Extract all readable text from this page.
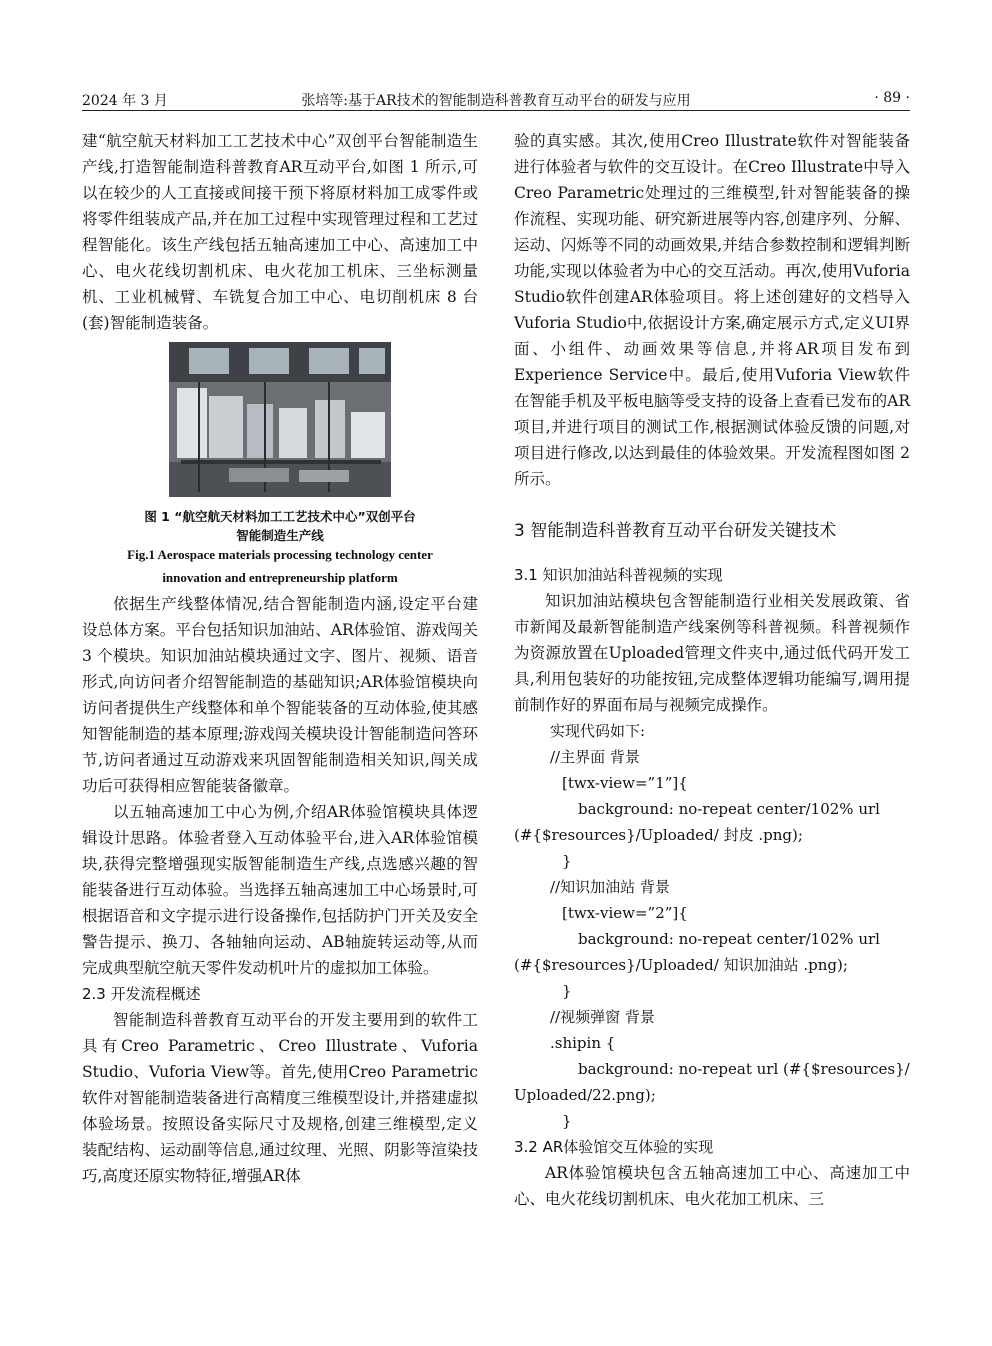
2024 年 3 月	张培等:基于AR技术的智能制造科普教育互动平台的研发与应用	· 89 ·

建“航空航天材料加工工艺技术中心”双创平台智能制造生产线,打造智能制造科普教育AR互动平台,如图 1 所示,可以在较少的人工直接或间接干预下将原材料加工成零件或将零件组装成产品,并在加工过程中实现管理过程和工艺过程智能化。该生产线包括五轴高速加工中心、高速加工中心、电火花线切割机床、电火花加工机床、三坐标测量机、工业机械臂、车铣复合加工中心、电切削机床 8 台(套)智能制造装备。

图 1 “航空航天材料加工工艺技术中心”双创平台
智能制造生产线
Fig.1 Aerospace materials processing technology center
innovation and entrepreneurship platform

依据生产线整体情况,结合智能制造内涵,设定平台建设总体方案。平台包括知识加油站、AR体验馆、游戏闯关 3 个模块。知识加油站模块通过文字、图片、视频、语音形式,向访问者介绍智能制造的基础知识;AR体验馆模块向访问者提供生产线整体和单个智能装备的互动体验,使其感知智能制造的基本原理;游戏闯关模块设计智能制造问答环节,访问者通过互动游戏来巩固智能制造相关知识,闯关成功后可获得相应智能装备徽章。

以五轴高速加工中心为例,介绍AR体验馆模块具体逻辑设计思路。体验者登入互动体验平台,进入AR体验馆模块,获得完整增强现实版智能制造生产线,点选感兴趣的智能装备进行互动体验。当选择五轴高速加工中心场景时,可根据语音和文字提示进行设备操作,包括防护门开关及安全警告提示、换刀、各轴轴向运动、AB轴旋转运动等,从而完成典型航空航天零件发动机叶片的虚拟加工体验。

2.3 开发流程概述

智能制造科普教育互动平台的开发主要用到的软件工具有Creo Parametric、Creo Illustrate、Vuforia Studio、Vuforia View等。首先,使用Creo Parametric软件对智能制造装备进行高精度三维模型设计,并搭建虚拟体验场景。按照设备实际尺寸及规格,创建三维模型,定义装配结构、运动副等信息,通过纹理、光照、阴影等渲染技巧,高度还原实物特征,增强AR体

验的真实感。其次,使用Creo Illustrate软件对智能装备进行体验者与软件的交互设计。在Creo Illustrate中导入Creo Parametric处理过的三维模型,针对智能装备的操作流程、实现功能、研究新进展等内容,创建序列、分解、运动、闪烁等不同的动画效果,并结合参数控制和逻辑判断功能,实现以体验者为中心的交互活动。再次,使用Vuforia Studio软件创建AR体验项目。将上述创建好的文档导入Vuforia Studio中,依据设计方案,确定展示方式,定义UI界面、小组件、动画效果等信息,并将AR项目发布到Experience Service中。最后,使用Vuforia View软件在智能手机及平板电脑等受支持的设备上查看已发布的AR项目,并进行项目的测试工作,根据测试体验反馈的问题,对项目进行修改,以达到最佳的体验效果。开发流程图如图 2 所示。

3 智能制造科普教育互动平台研发关键技术

3.1 知识加油站科普视频的实现

知识加油站模块包含智能制造行业相关发展政策、省市新闻及最新智能制造产线案例等科普视频。科普视频作为资源放置在Uploaded管理文件夹中,通过低代码开发工具,利用包装好的功能按钮,完成整体逻辑功能编写,调用提前制作好的界面布局与视频完成操作。

实现代码如下:

//主界面 背景

[twx-view=”1”]{

background: no-repeat center/102% url

(#{$resources}/Uploaded/ 封皮 .png);

}

//知识加油站 背景

[twx-view=”2”]{

background: no-repeat center/102% url

(#{$resources}/Uploaded/ 知识加油站 .png);

}

//视频弹窗 背景

.shipin {

background: no-repeat url (#{$resources}/

Uploaded/22.png);

}

3.2 AR体验馆交互体验的实现

AR体验馆模块包含五轴高速加工中心、高速加工中心、电火花线切割机床、电火花加工机床、三
